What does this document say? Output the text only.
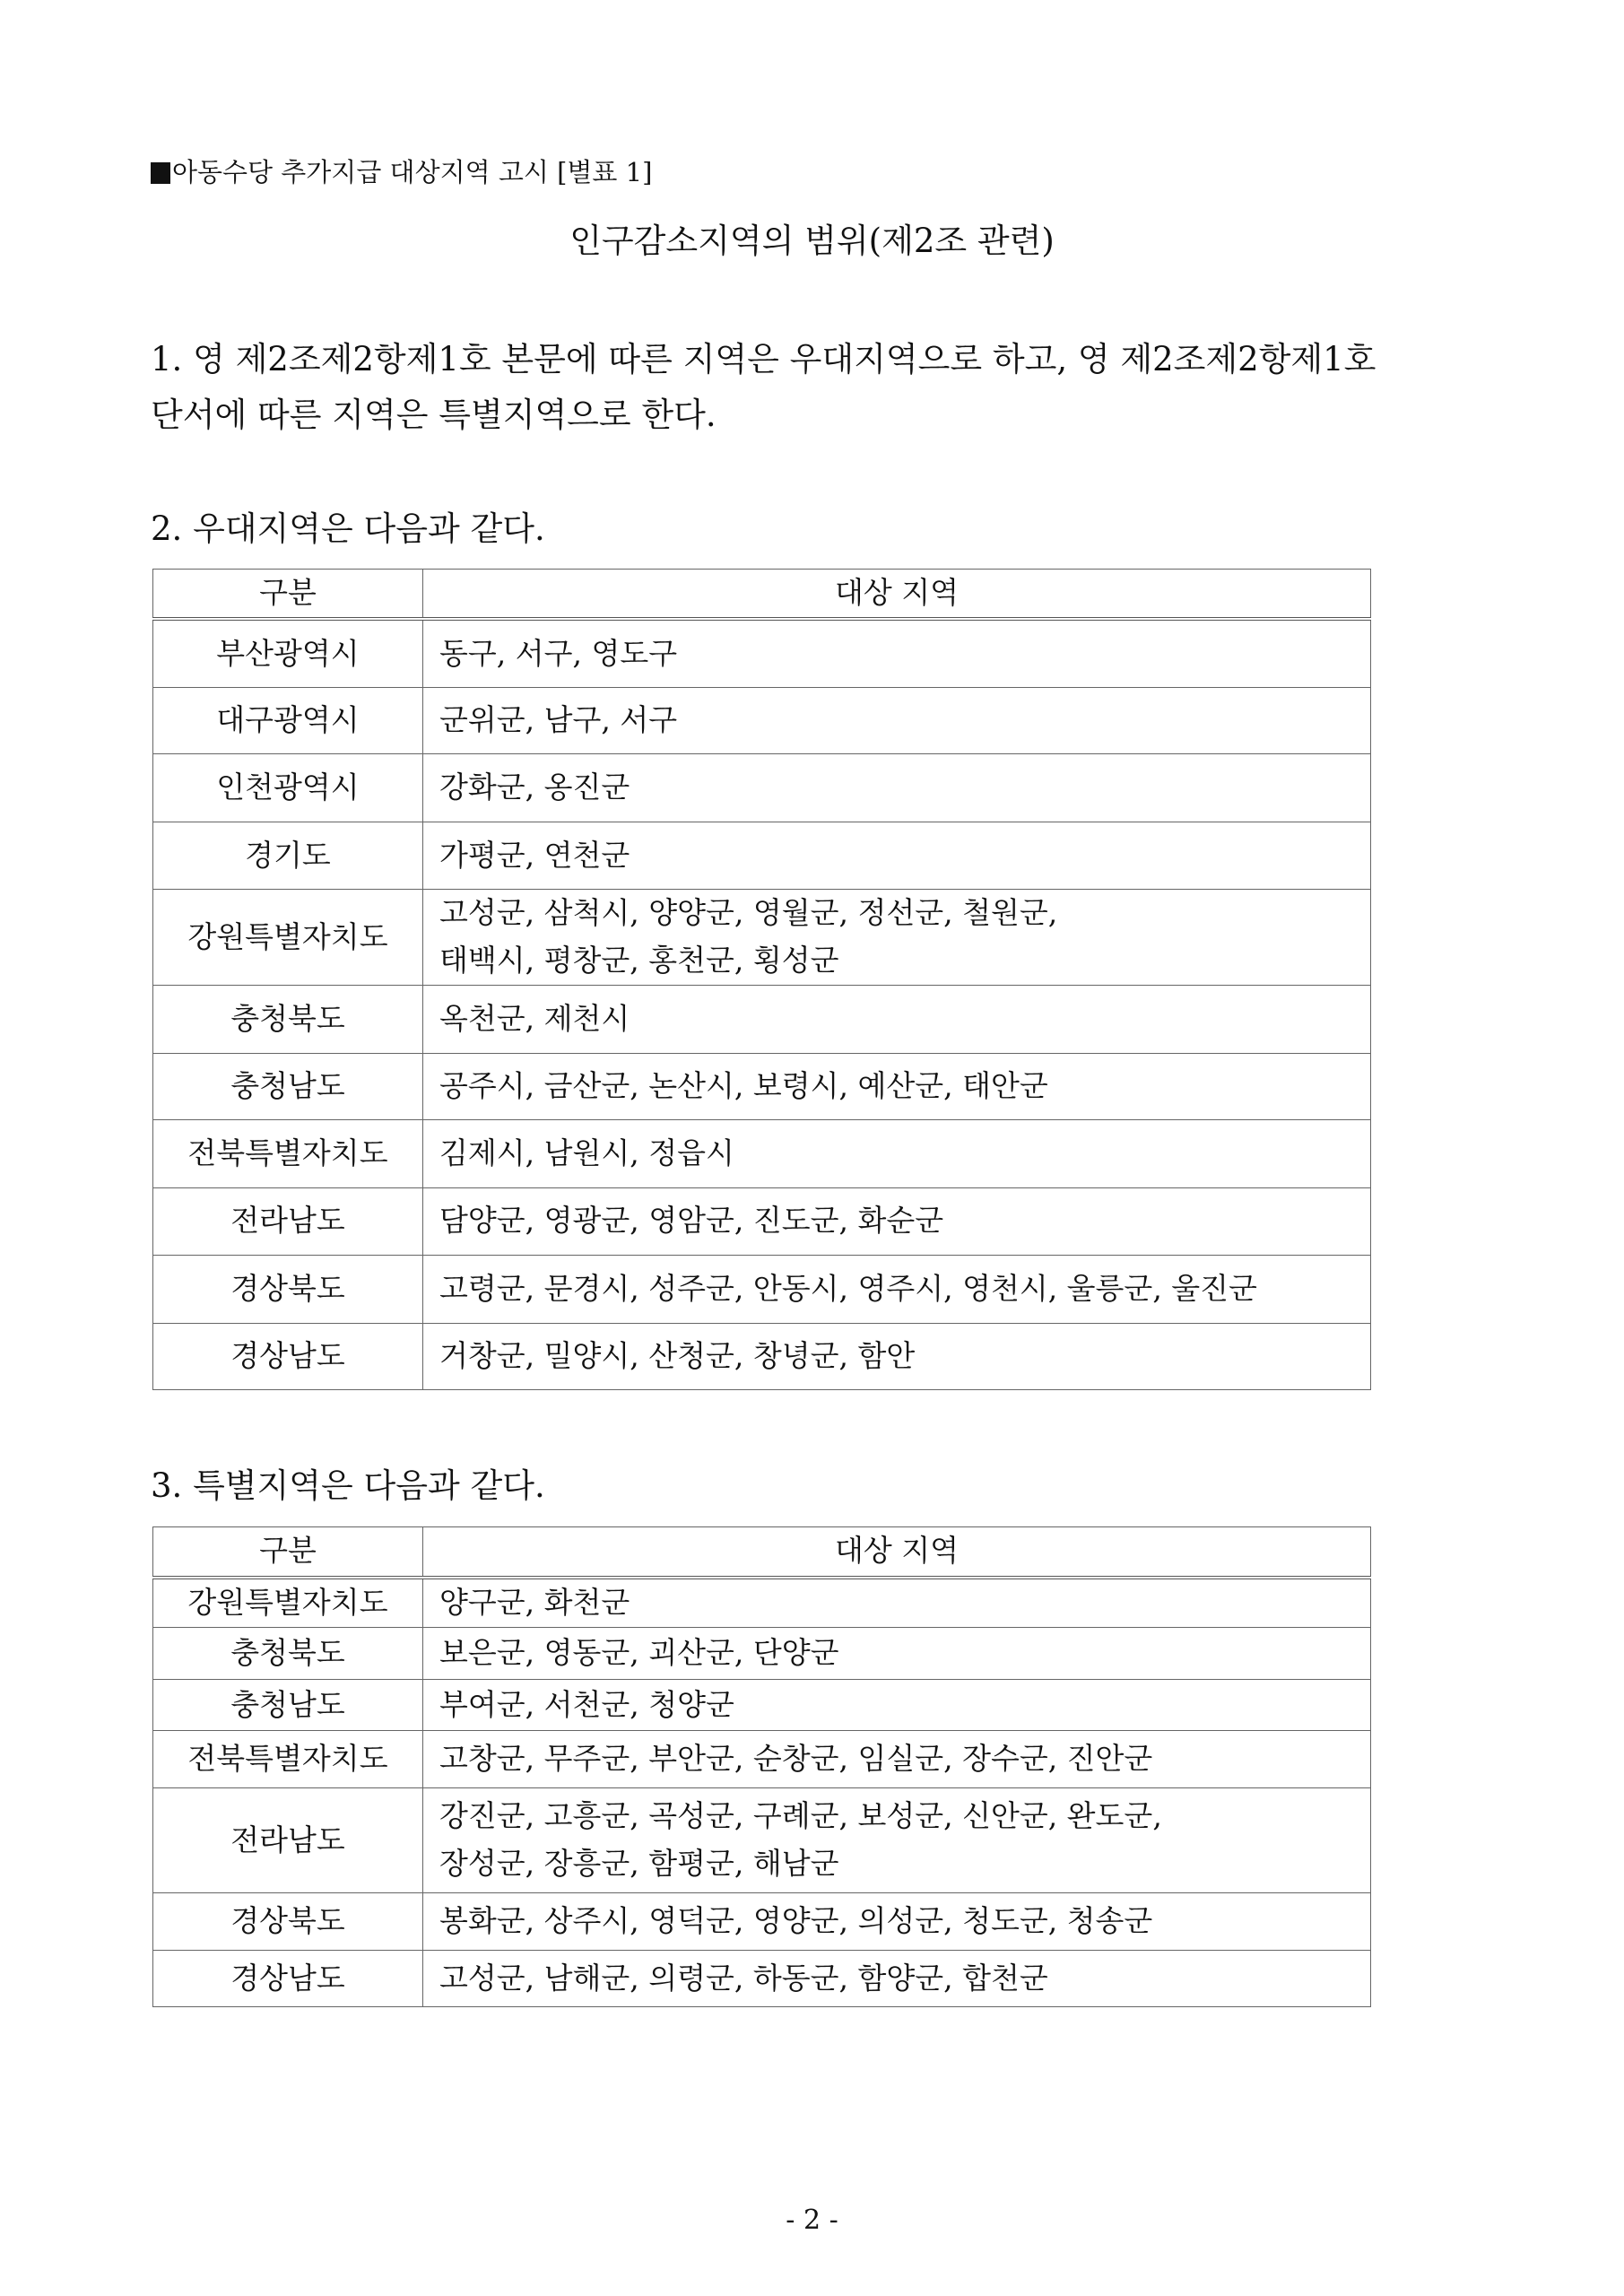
아동수당 추가지급 대상지역 고시 [별표 1]
인구감소지역의 범위(제2조 관련)
1. 영 제2조제2항제1호 본문에 따른 지역은 우대지역으로 하고, 영 제2조제2항제1호
단서에 따른 지역은 특별지역으로 한다.
2. 우대지역은 다음과 같다.
구분	대상 지역
부산광역시	동구, 서구, 영도구

대구광역시	군위군, 남구, 서구

인천광역시	강화군, 옹진군

경기도	가평군, 연천군

강원특별자치도	고성군, 삼척시, 양양군, 영월군, 정선군, 철원군,
태백시, 평창군, 홍천군, 횡성군

충청북도	옥천군, 제천시

충청남도	공주시, 금산군, 논산시, 보령시, 예산군, 태안군

전북특별자치도	김제시, 남원시, 정읍시

전라남도	담양군, 영광군, 영암군, 진도군, 화순군

경상북도	고령군, 문경시, 성주군, 안동시, 영주시, 영천시, 울릉군, 울진군

경상남도	거창군, 밀양시, 산청군, 창녕군, 함안
3. 특별지역은 다음과 같다.
구분	대상 지역
강원특별자치도	양구군, 화천군

충청북도	보은군, 영동군, 괴산군, 단양군

충청남도	부여군, 서천군, 청양군

전북특별자치도	고창군, 무주군, 부안군, 순창군, 임실군, 장수군, 진안군

전라남도	강진군, 고흥군, 곡성군, 구례군, 보성군, 신안군, 완도군,
장성군, 장흥군, 함평군, 해남군

경상북도	봉화군, 상주시, 영덕군, 영양군, 의성군, 청도군, 청송군

경상남도	고성군, 남해군, 의령군, 하동군, 함양군, 합천군
- 2 -
